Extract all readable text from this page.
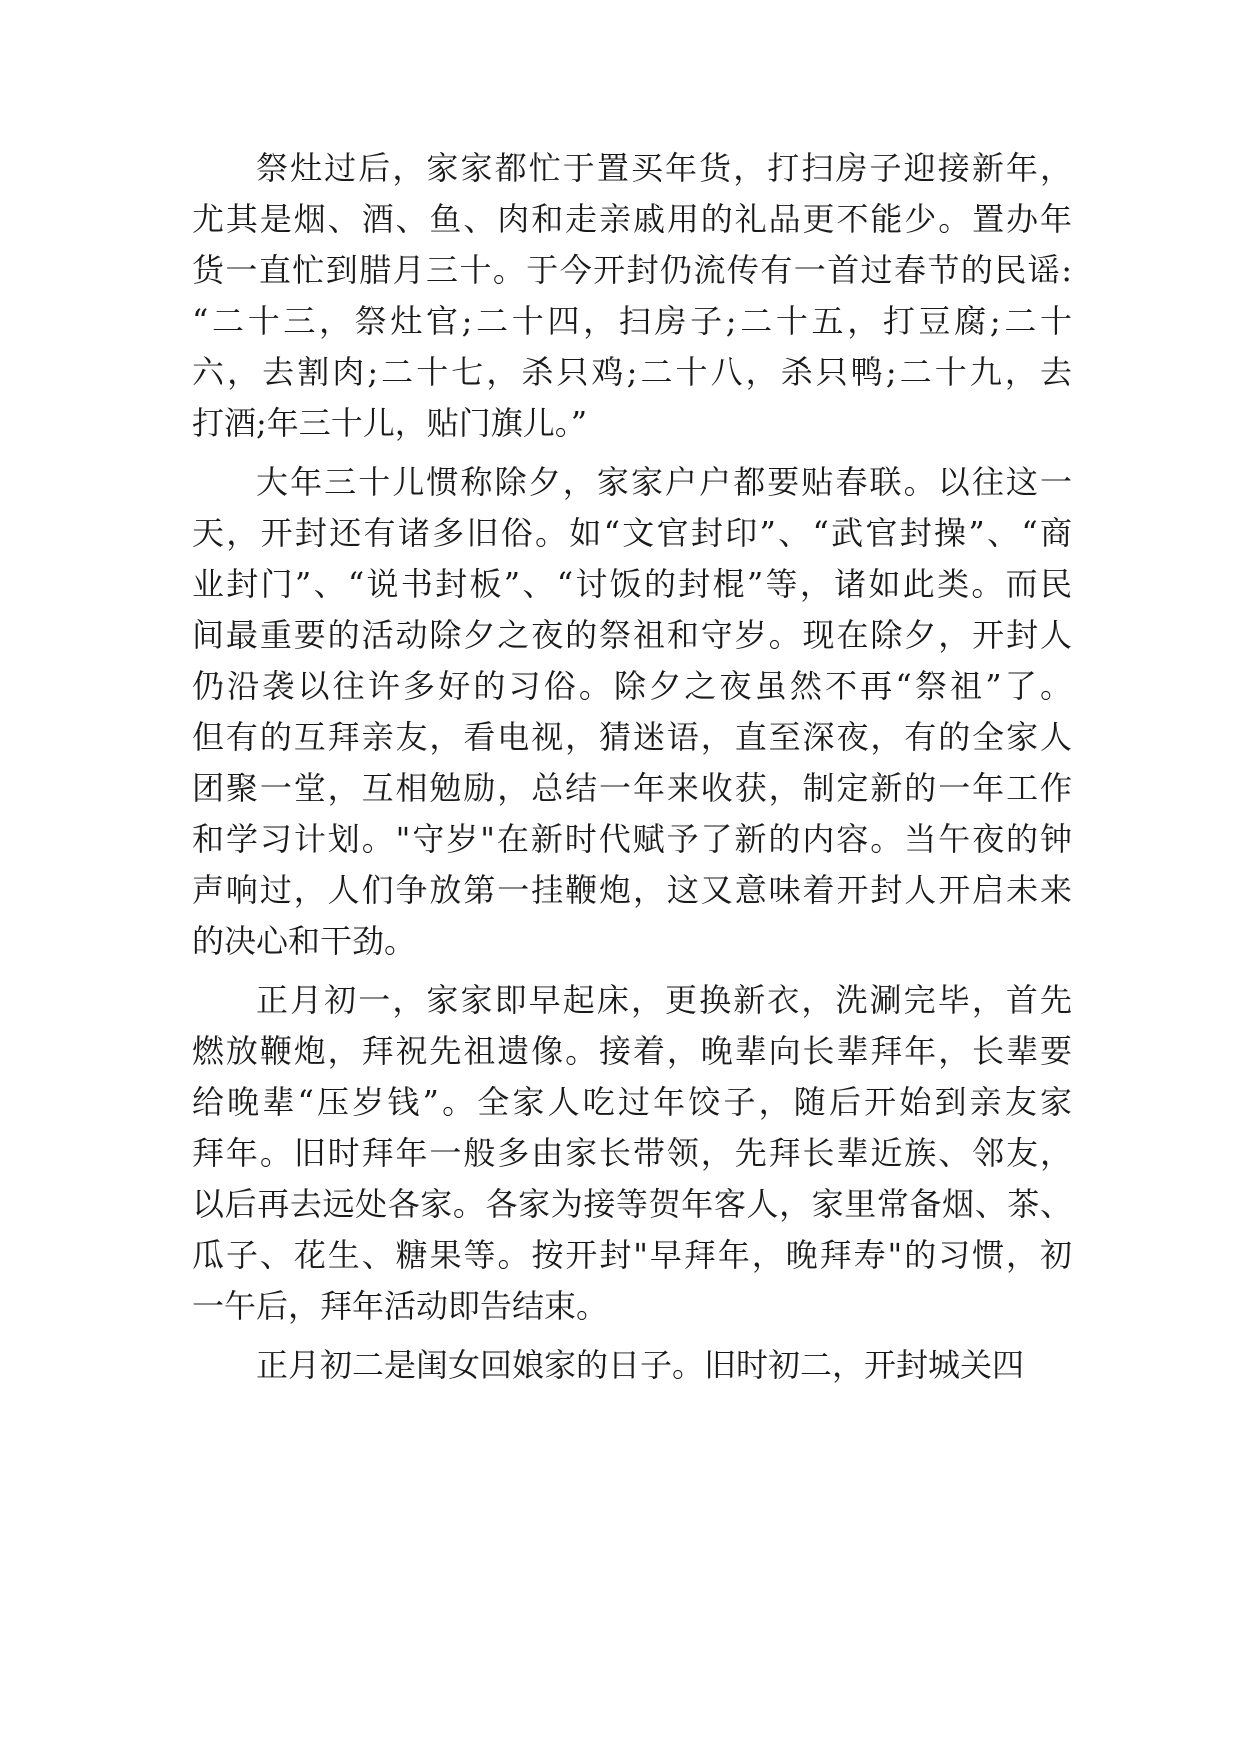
祭灶过后，家家都忙于置买年货，打扫房子迎接新年，
尤其是烟、酒、鱼、肉和走亲戚用的礼品更不能少。置办年
货一直忙到腊月三十。于今开封仍流传有一首过春节的民谣:
“二十三，祭灶官;二十四，扫房子;二十五，打豆腐;二十
六，去割肉;二十七，杀只鸡;二十八，杀只鸭;二十九，去
打酒;年三十儿，贴门旗儿。”
大年三十儿惯称除夕，家家户户都要贴春联。以往这一
天，开封还有诸多旧俗。如“文官封印”、“武官封操”、“商
业封门”、“说书封板”、“讨饭的封棍”等，诸如此类。而民
间最重要的活动除夕之夜的祭祖和守岁。现在除夕，开封人
仍沿袭以往许多好的习俗。除夕之夜虽然不再“祭祖”了。
但有的互拜亲友，看电视，猜迷语，直至深夜，有的全家人
团聚一堂，互相勉励，总结一年来收获，制定新的一年工作
和学习计划。"守岁"在新时代赋予了新的内容。当午夜的钟
声响过，人们争放第一挂鞭炮，这又意味着开封人开启未来
的决心和干劲。
正月初一，家家即早起床，更换新衣，洗涮完毕，首先
燃放鞭炮，拜祝先祖遗像。接着，晚辈向长辈拜年，长辈要
给晚辈“压岁钱”。全家人吃过年饺子，随后开始到亲友家
拜年。旧时拜年一般多由家长带领，先拜长辈近族、邻友，
以后再去远处各家。各家为接等贺年客人，家里常备烟、茶、
瓜子、花生、糖果等。按开封"早拜年，晚拜寿"的习惯，初
一午后，拜年活动即告结束。
正月初二是闺女回娘家的日子。旧时初二，开封城关四
